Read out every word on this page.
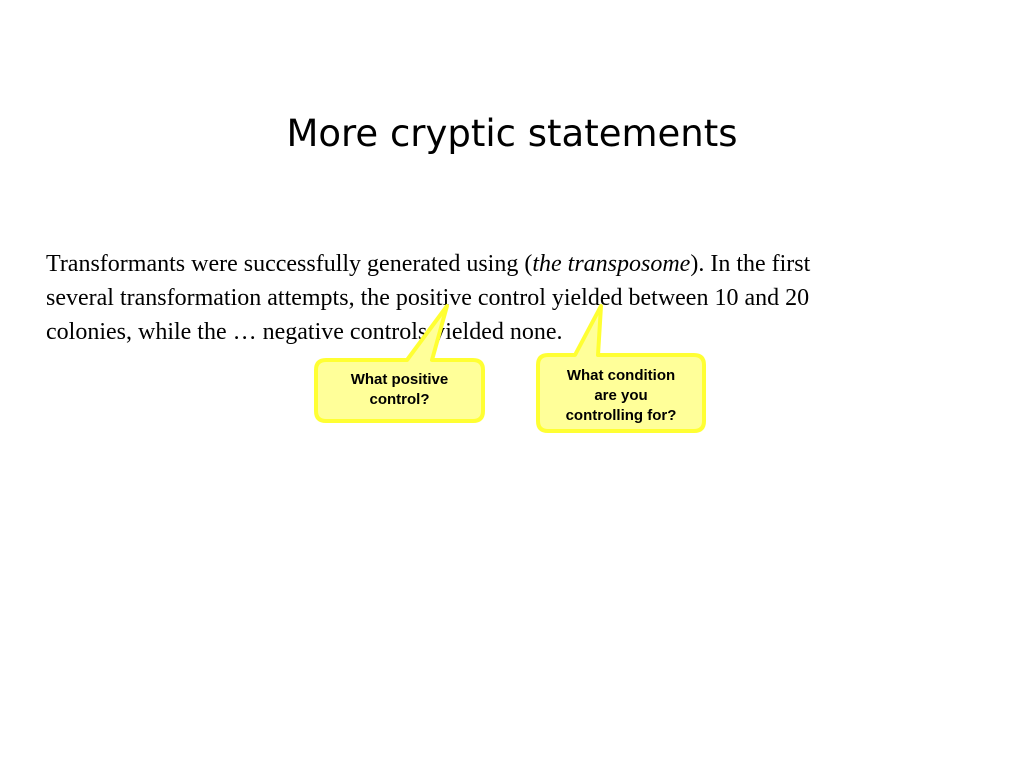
More cryptic statements

Transformants were successfully generated using (the transposome). In the first
several transformation attempts, the positive control yielded between 10 and 20
colonies, while the … negative controls yielded none.

What positive
control?
What condition
are you
controlling for?
